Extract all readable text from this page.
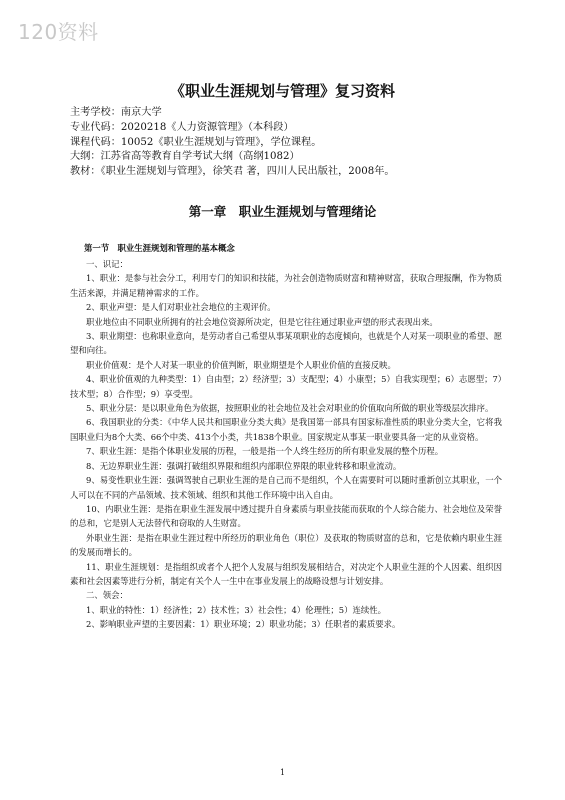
120资料
《职业生涯规划与管理》复习资料
主考学校：南京大学
专业代码：2020218《人力资源管理》（本科段）
课程代码：10052《职业生涯规划与管理》，学位课程。
大纲：江苏省高等教育自学考试大纲（高纲1082）
教材：《职业生涯规划与管理》，徐笑君 著，四川人民出版社，2008年。
第一章　职业生涯规划与管理绪论
第一节　职业生涯规划和管理的基本概念

一、识记：

1、职业：是参与社会分工，利用专门的知识和技能，为社会创造物质财富和精神财富，获取合理报酬，作为物质生活来源，并满足精神需求的工作。

2、职业声望：是人们对职业社会地位的主观评价。

职业地位由不同职业所拥有的社会地位资源所决定，但是它往往通过职业声望的形式表现出来。

3、职业期望：也称职业意向，是劳动者自己希望从事某项职业的态度倾向，也就是个人对某一项职业的希望、愿望和向往。

职业价值观：是个人对某一职业的价值判断，职业期望是个人职业价值的直接反映。

4、职业价值观的九种类型：1）自由型；2）经济型；3）支配型；4）小康型；5）自我实现型；6）志愿型；7）技术型；8）合作型；9）享受型。

5、职业分层：是以职业角色为依据，按照职业的社会地位及社会对职业的价值取向所做的职业等级层次排序。

6、我国职业的分类：《中华人民共和国职业分类大典》是我国第一部具有国家标准性质的职业分类大全，它将我国职业归为8个大类、66个中类、413个小类，共1838个职业。国家规定从事某一职业要具备一定的从业资格。

7、职业生涯：是指个体职业发展的历程，一般是指一个人终生经历的所有职业发展的整个历程。

8、无边界职业生涯：强调打破组织界限和组织内部职位界限的职业转移和职业流动。

9、易变性职业生涯：强调驾驶自己职业生涯的是自己而不是组织，个人在需要时可以随时重新创立其职业，一个人可以在不同的产品领域、技术领域、组织和其他工作环境中出入自由。

10、内职业生涯：是指在职业生涯发展中透过提升自身素质与职业技能而获取的个人综合能力、社会地位及荣誉的总和，它是别人无法替代和窃取的人生财富。

外职业生涯：是指在职业生涯过程中所经历的职业角色（职位）及获取的物质财富的总和，它是依赖内职业生涯的发展而增长的。

11、职业生涯规划：是指组织或者个人把个人发展与组织发展相结合，对决定个人职业生涯的个人因素、组织因素和社会因素等进行分析，制定有关个人一生中在事业发展上的战略设想与计划安排。

二、领会：

1、职业的特性：1）经济性；2）技术性；3）社会性；4）伦理性；5）连续性。

2、影响职业声望的主要因素：1）职业环境；2）职业功能；3）任职者的素质要求。

1
